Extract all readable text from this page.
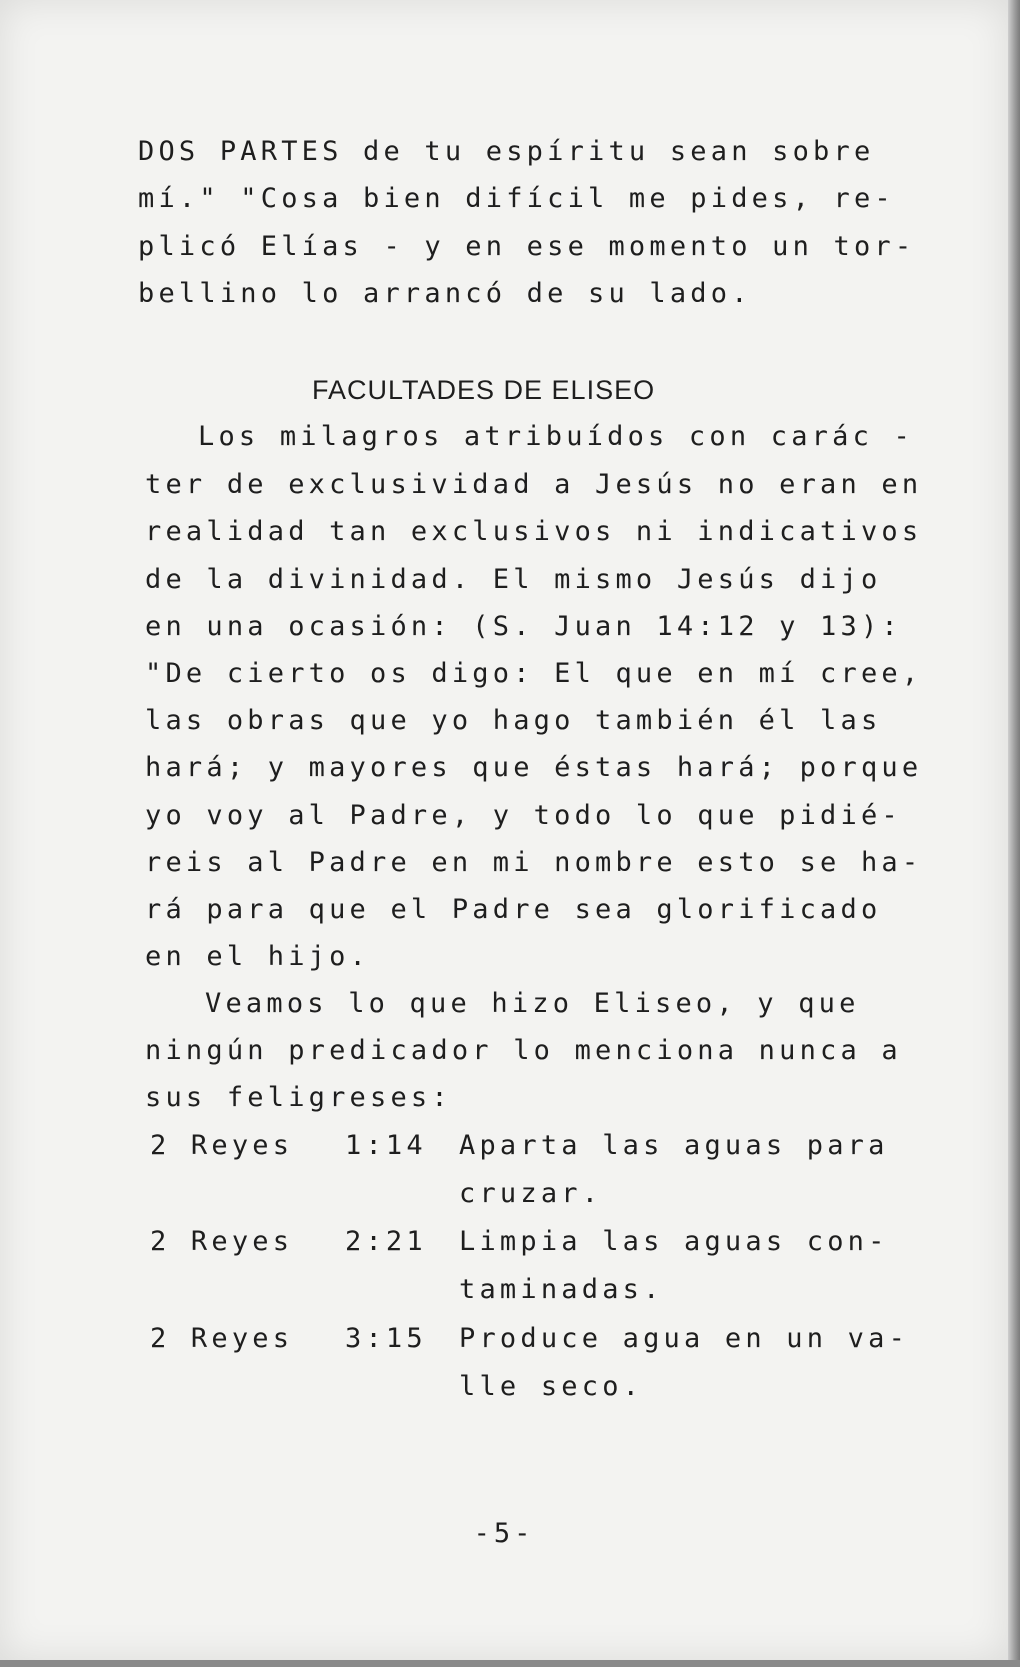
DOS PARTES de tu espíritu sean sobre
mí." "Cosa bien difícil me pides, re-
plicó Elías - y en ese momento un tor-
bellino lo arrancó de su lado.
FACULTADES DE ELISEO
Los milagros atribuídos con carác -
ter de exclusividad a Jesús no eran en
realidad tan exclusivos ni indicativos
de la divinidad. El mismo Jesús dijo
en una ocasión: (S. Juan 14:12 y 13):
"De cierto os digo: El que en mí cree,
las obras que yo hago también él las
hará; y mayores que éstas hará; porque
yo voy al Padre, y todo lo que pidié-
reis al Padre en mi nombre esto se ha-
rá para que el Padre sea glorificado
en el hijo.
Veamos lo que hizo Eliseo, y que
ningún predicador lo menciona nunca a
sus feligreses:
2 Reyes 1:14 Aparta las aguas para
cruzar.
2 Reyes 2:21 Limpia las aguas con-
taminadas.
2 Reyes 3:15 Produce agua en un va-
lle seco.
-5-
